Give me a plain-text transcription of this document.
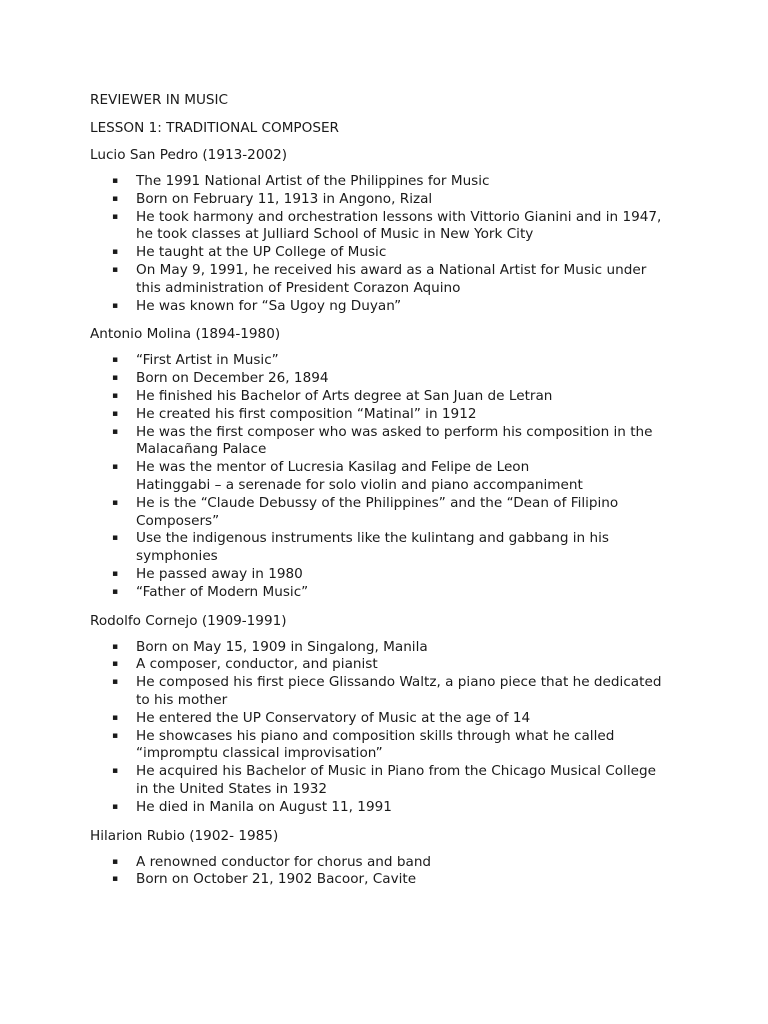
REVIEWER IN MUSIC

LESSON 1: TRADITIONAL COMPOSER

Lucio San Pedro (1913-2002)

▪ The 1991 National Artist of the Philippines for Music
▪ Born on February 11, 1913 in Angono, Rizal
▪ He took harmony and orchestration lessons with Vittorio Gianini and in 1947,
he took classes at Julliard School of Music in New York City
▪ He taught at the UP College of Music
▪ On May 9, 1991, he received his award as a National Artist for Music under
this administration of President Corazon Aquino
▪ He was known for “Sa Ugoy ng Duyan”

Antonio Molina (1894-1980)

▪ “First Artist in Music”
▪ Born on December 26, 1894
▪ He finished his Bachelor of Arts degree at San Juan de Letran
▪ He created his first composition “Matinal” in 1912
▪ He was the first composer who was asked to perform his composition in the
Malacañang Palace
▪ He was the mentor of Lucresia Kasilag and Felipe de Leon
Hatinggabi – a serenade for solo violin and piano accompaniment
▪ He is the “Claude Debussy of the Philippines” and the “Dean of Filipino
Composers”
▪ Use the indigenous instruments like the kulintang and gabbang in his
symphonies
▪ He passed away in 1980
▪ “Father of Modern Music”

Rodolfo Cornejo (1909-1991)

▪ Born on May 15, 1909 in Singalong, Manila
▪ A composer, conductor, and pianist
▪ He composed his first piece Glissando Waltz, a piano piece that he dedicated
to his mother
▪ He entered the UP Conservatory of Music at the age of 14
▪ He showcases his piano and composition skills through what he called
“impromptu classical improvisation”
▪ He acquired his Bachelor of Music in Piano from the Chicago Musical College
in the United States in 1932
▪ He died in Manila on August 11, 1991

Hilarion Rubio (1902- 1985)

▪ A renowned conductor for chorus and band
▪ Born on October 21, 1902 Bacoor, Cavite
